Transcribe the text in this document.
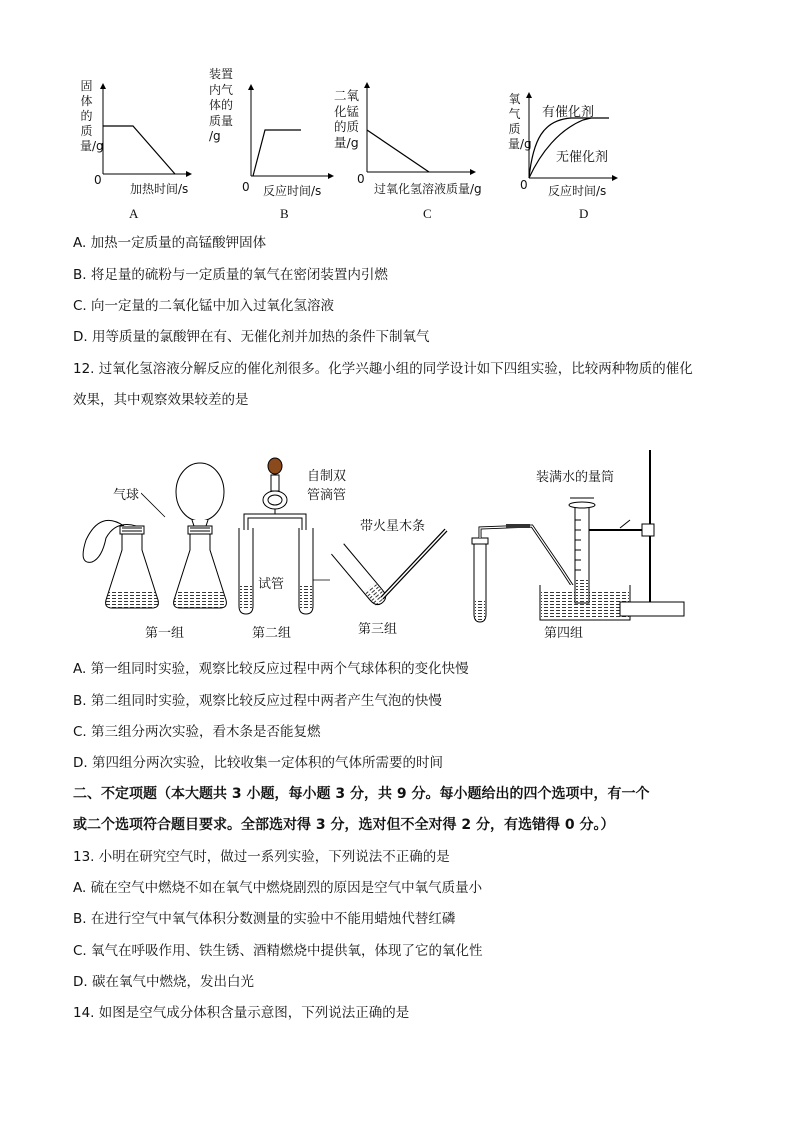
固体的质量/g
0
加热时间/s
A
装置
内气
体的
质量
/g
0 反应时间/s
B
二氧
化锰
的质
量/g
0
过氧化氢溶液质量/g
C
氧气质量/g
有催化剂
无催化剂
0 反应时间/s
D
A. 加热一定质量的高锰酸钾固体
B. 将足量的硫粉与一定质量的氧气在密闭装置内引燃
C. 向一定量的二氧化锰中加入过氧化氢溶液
D. 用等质量的氯酸钾在有、无催化剂并加热的条件下制氧气
12. 过氧化氢溶液分解反应的催化剂很多。化学兴趣小组的同学设计如下四组实验，比较两种物质的催化
效果，其中观察效果较差的是
气球
自制双
管滴管
装满水的量筒
带火星木条
试管
第一组	第二组	第三组	第四组
A. 第一组同时实验，观察比较反应过程中两个气球体积的变化快慢
B. 第二组同时实验，观察比较反应过程中两者产生气泡的快慢
C. 第三组分两次实验，看木条是否能复燃
D. 第四组分两次实验，比较收集一定体积的气体所需要的时间
二、不定项题（本大题共 3 小题，每小题 3 分，共 9 分。每小题给出的四个选项中，有一个
或二个选项符合题目要求。全部选对得 3 分，选对但不全对得 2 分，有选错得 0 分。）
13. 小明在研究空气时，做过一系列实验，下列说法不正确的是
A. 硫在空气中燃烧不如在氧气中燃烧剧烈的原因是空气中氧气质量小
B. 在进行空气中氧气体积分数测量的实验中不能用蜡烛代替红磷
C. 氧气在呼吸作用、铁生锈、酒精燃烧中提供氧，体现了它的氧化性
D. 碳在氧气中燃烧，发出白光
14. 如图是空气成分体积含量示意图，下列说法正确的是
